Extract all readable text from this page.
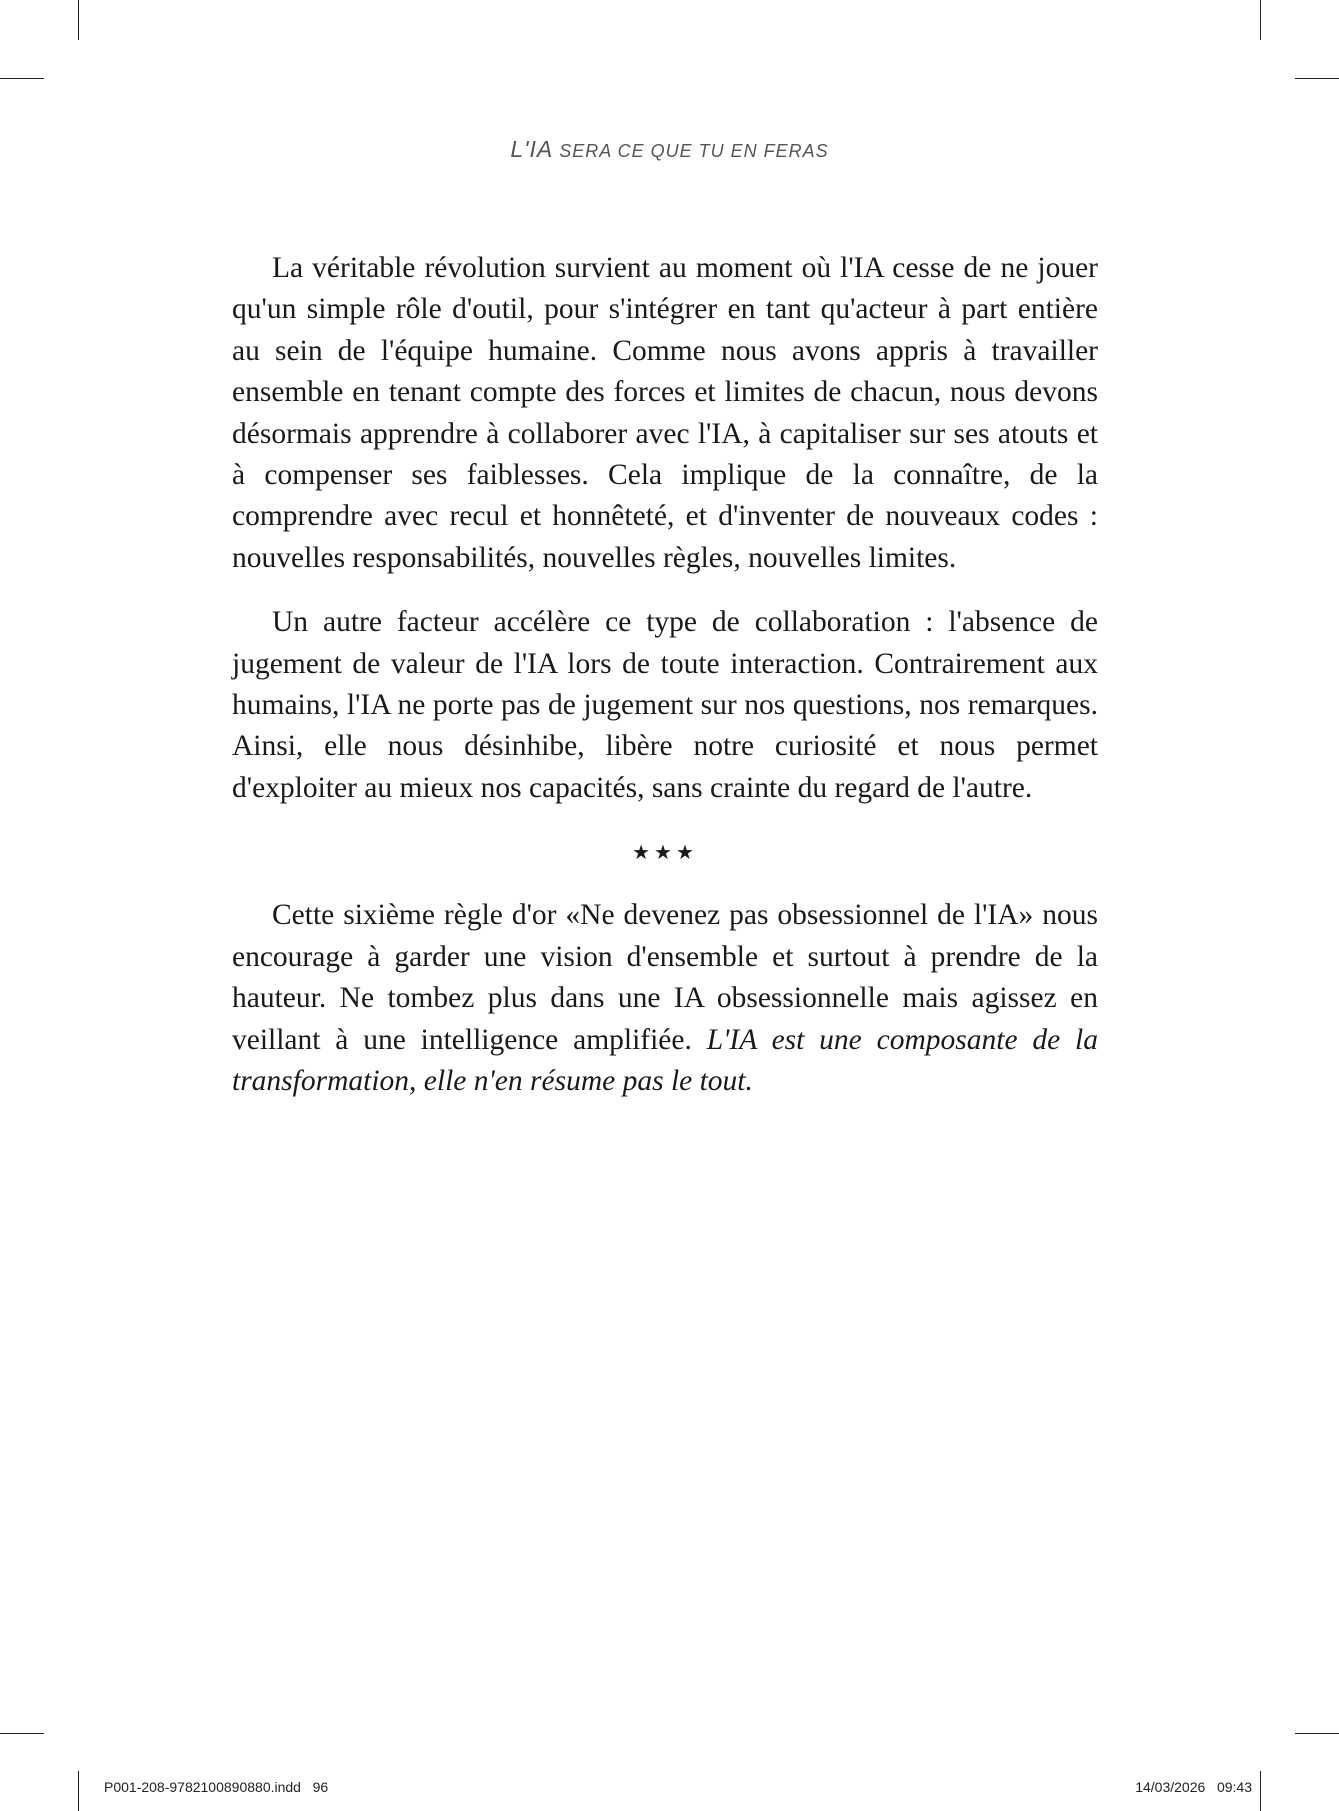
L'IA SERA CE QUE TU EN FERAS

La véritable révolution survient au moment où l'IA cesse de ne jouer qu'un simple rôle d'outil, pour s'intégrer en tant qu'acteur à part entière au sein de l'équipe humaine. Comme nous avons appris à travailler ensemble en tenant compte des forces et limites de chacun, nous devons désormais apprendre à collaborer avec l'IA, à capitaliser sur ses atouts et à compenser ses faiblesses. Cela implique de la connaître, de la comprendre avec recul et honnêteté, et d'inventer de nouveaux codes : nouvelles responsabilités, nouvelles règles, nouvelles limites.

Un autre facteur accélère ce type de collaboration : l'absence de jugement de valeur de l'IA lors de toute interaction. Contrairement aux humains, l'IA ne porte pas de jugement sur nos questions, nos remarques. Ainsi, elle nous désinhibe, libère notre curiosité et nous permet d'exploiter au mieux nos capacités, sans crainte du regard de l'autre.

★★★

Cette sixième règle d'or «Ne devenez pas obsessionnel de l'IA» nous encourage à garder une vision d'ensemble et surtout à prendre de la hauteur. Ne tombez plus dans une IA obsessionnelle mais agissez en veillant à une intelligence amplifiée. L'IA est une composante de la transformation, elle n'en résume pas le tout.

P001-208-9782100890880.indd   96	14/03/2026   09:43
